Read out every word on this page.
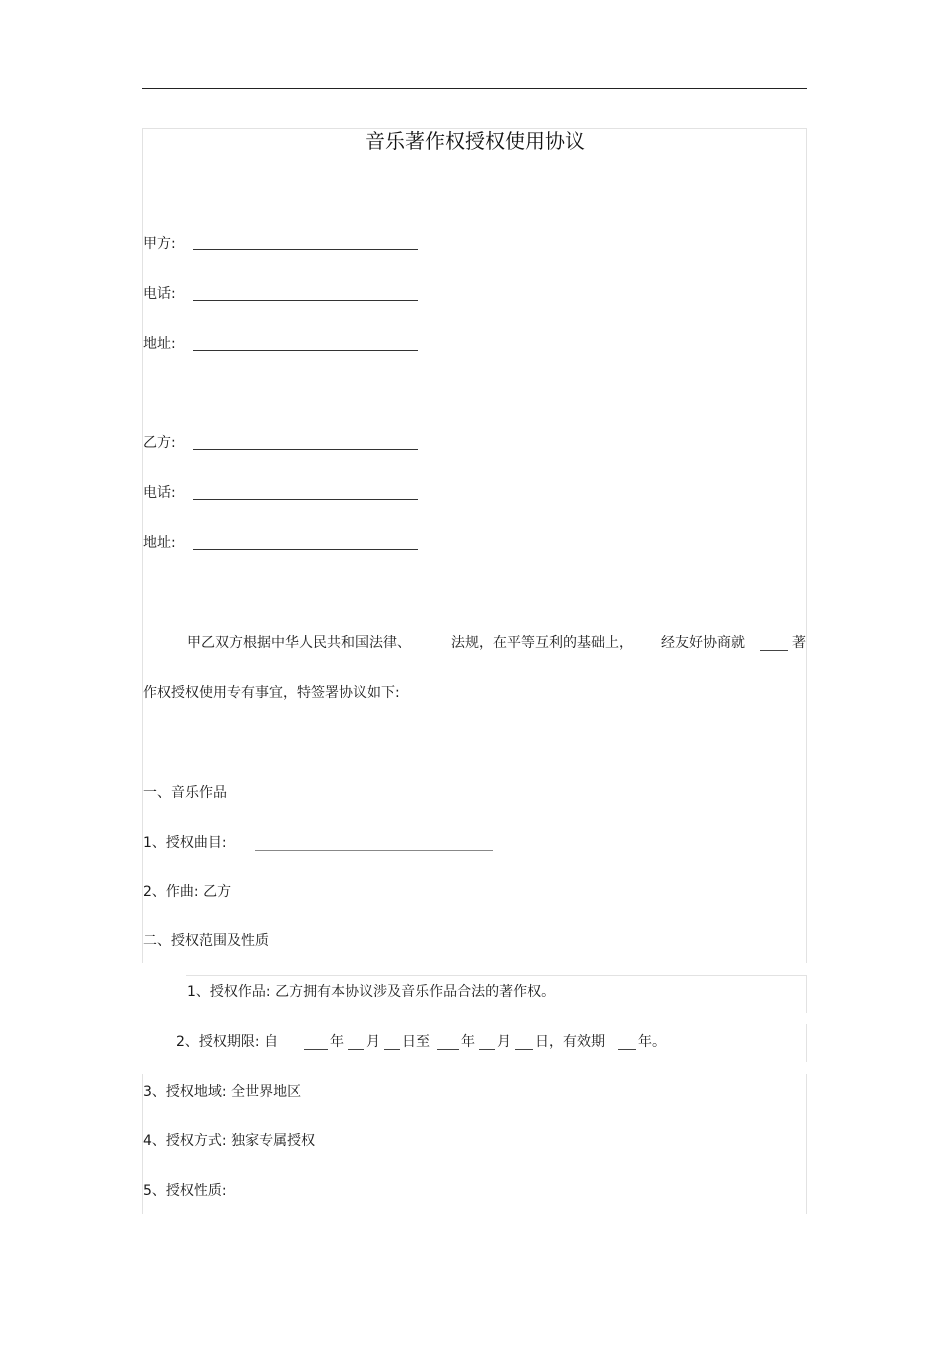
音乐著作权授权使用协议
甲方:
电话:
地址:
乙方:
电话:
地址:
甲乙双方根据中华人民共和国法律、	法规，在平等互利的基础上， 经友好协商就	著
作权授权使用专有事宜，特签署协议如下:
一、音乐作品
1、授权曲目:
2、作曲: 乙方
二、授权范围及性质
1、授权作品: 乙方拥有本协议涉及音乐作品合法的著作权。
2、授权期限: 自	年 月 日至 年 月 日，有效期 年。
3、授权地域: 全世界地区
4、授权方式: 独家专属授权
5、授权性质:
